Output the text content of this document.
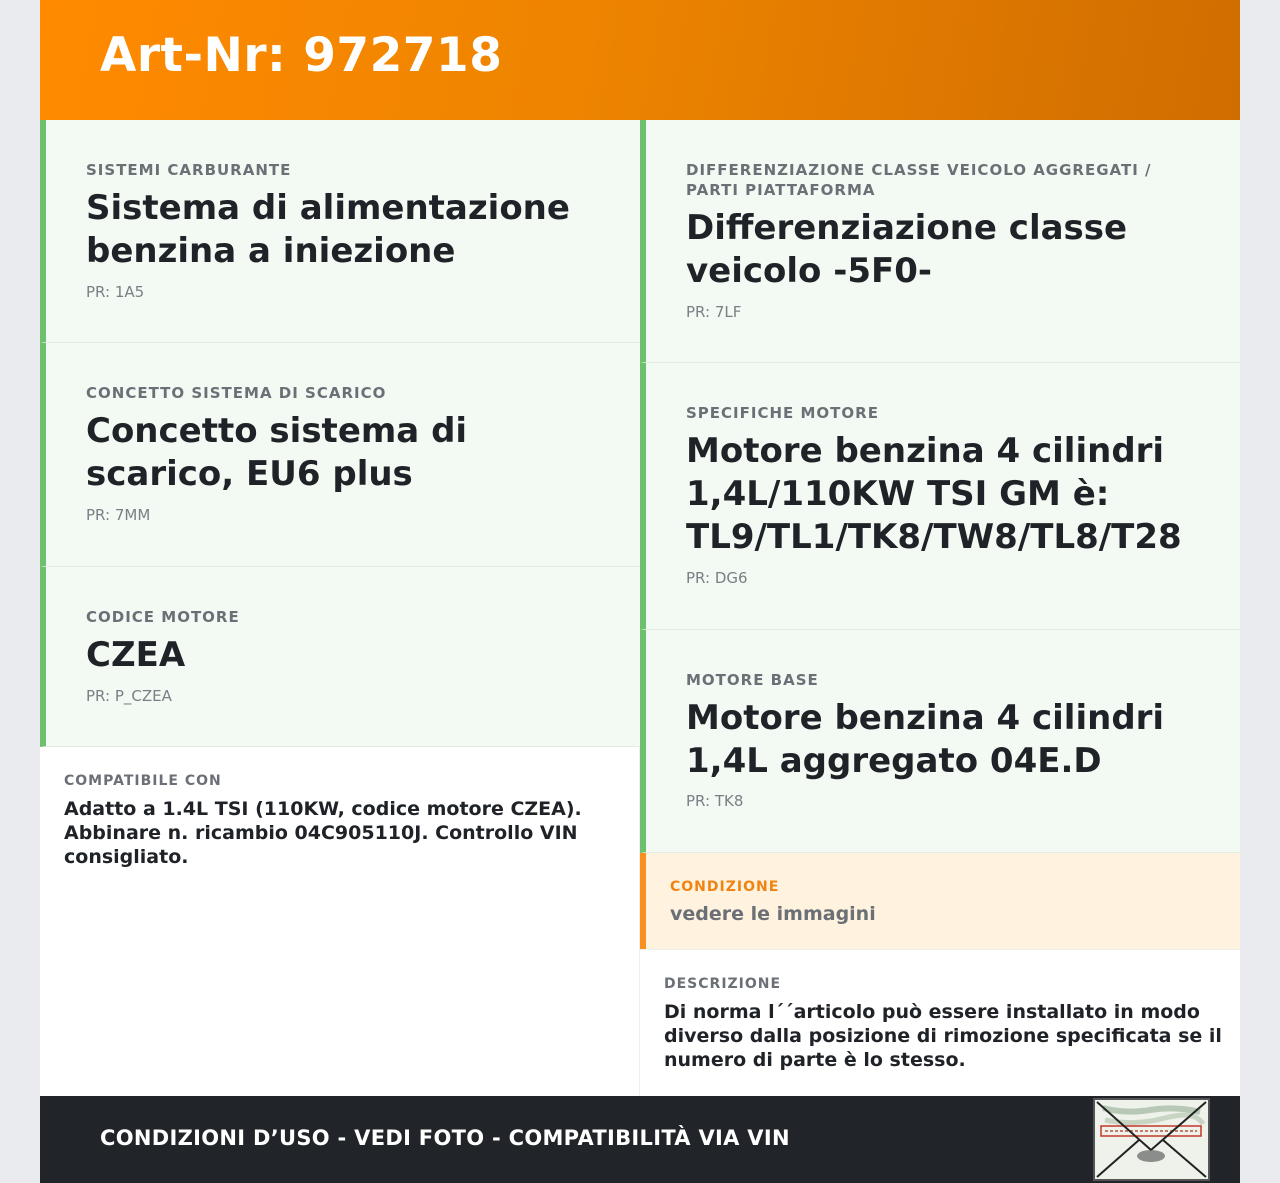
Art-Nr: 972718
SISTEMI CARBURANTE
Sistema di alimentazione benzina a iniezione
PR: 1A5
CONCETTO SISTEMA DI SCARICO
Concetto sistema di scarico, EU6 plus
PR: 7MM
CODICE MOTORE
CZEA
PR: P_CZEA
COMPATIBILE CON
Adatto a 1.4L TSI (110KW, codice motore CZEA). Abbinare n. ricambio 04C905110J. Controllo VIN consigliato.
DIFFERENZIAZIONE CLASSE VEICOLO AGGREGATI / PARTI PIATTAFORMA
Differenziazione classe veicolo -5F0-
PR: 7LF
SPECIFICHE MOTORE
Motore benzina 4 cilindri 1,4L/110KW TSI GM è: TL9/TL1/TK8/TW8/TL8/T28
PR: DG6
MOTORE BASE
Motore benzina 4 cilindri 1,4L aggregato 04E.D
PR: TK8
CONDIZIONE
vedere le immagini
DESCRIZIONE
Di norma l´´articolo può essere installato in modo diverso dalla posizione di rimozione specificata se il numero di parte è lo stesso.
CONDIZIONI D’USO - VEDI FOTO - COMPATIBILITÀ VIA VIN
